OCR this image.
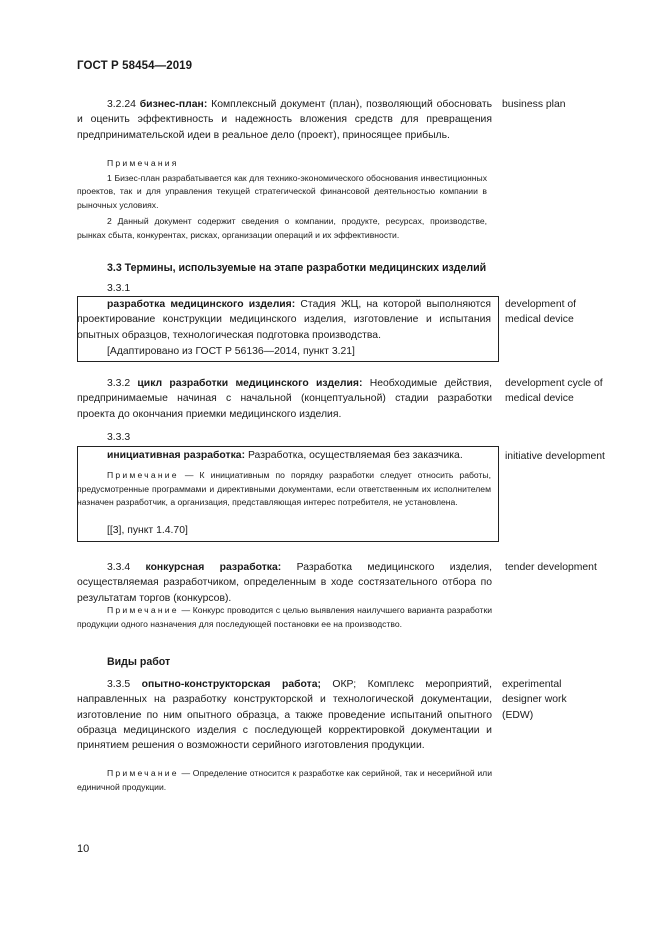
ГОСТ Р 58454—2019

3.2.24 бизнес-план: Комплексный документ (план), позволяющий обосновать и оценить эффективность и надежность вложения средств для превращения предпринимательской идеи в реальное дело (проект), приносящее прибыль.

business plan

Примечания

1 Бизес-план разрабатывается как для технико-экономического обоснования инвестиционных проектов, так и для управления текущей стратегической финансовой деятельностью компании в рыночных условиях.

2 Данный документ содержит сведения о компании, продукте, ресурсах, производстве, рынках сбыта, конкурентах, рисках, организации операций и их эффективности.

3.3 Термины, используемые на этапе разработки медицинских изделий
3.3.1

разработка медицинского изделия: Стадия ЖЦ, на которой выполняются проектирование конструкции медицинского изделия, изготовление и испытания опытных образцов, технологическая подготовка производства.

[Адаптировано из ГОСТ Р 56136—2014, пункт 3.21]

development of medical device

3.3.2 цикл разработки медицинского изделия: Необходимые действия, предпринимаемые начиная с начальной (концептуальной) стадии разработки проекта до окончания приемки медицинского изделия.

development cycle of medical device
3.3.3

инициативная разработка: Разработка, осуществляемая без заказчика.

Примечание — К инициативным по порядку разработки следует относить работы, предусмотренные программами и директивными документами, если ответственным их исполнителем назначен разработчик, а организация, представляющая интерес потребителя, не установлена.

[[3], пункт 1.4.70]

initiative development

3.3.4 конкурсная разработка: Разработка медицинского изделия, осуществляемая разработчиком, определенным в ходе состязательного отбора по результатам торгов (конкурсов).

tender development

Примечание — Конкурс проводится с целью выявления наилучшего варианта разработки продукции одного назначения для последующей постановки ее на производство.

Виды работ

3.3.5 опытно-конструкторская работа; ОКР; Комплекс мероприятий, направленных на разработку конструкторской и технологической документации, изготовление по ним опытного образца, а также проведение испытаний опытного образца медицинского изделия с последующей корректировкой документации и принятием решения о возможности серийного изготовления продукции.

experimental designer work (EDW)

Примечание — Определение относится к разработке как серийной, так и несерийной или единичной продукции.

10
